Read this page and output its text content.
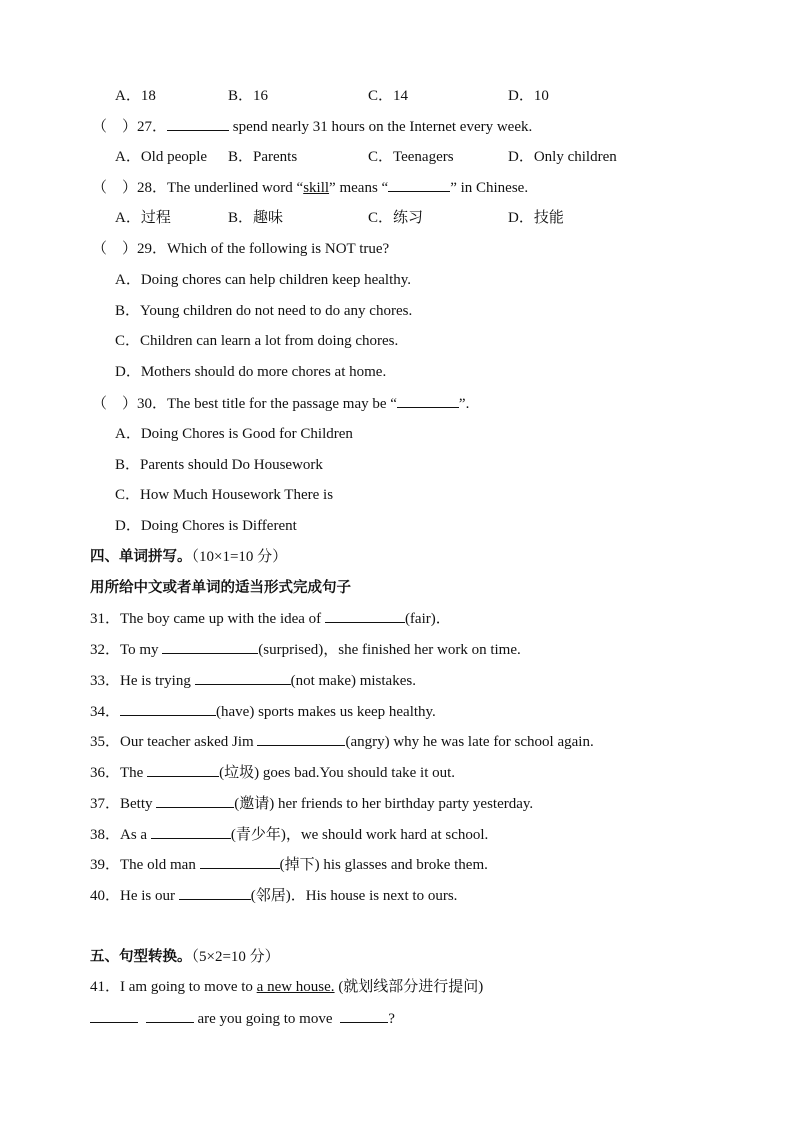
A．18	B．16	C．14	D．10
（　）27．	spend nearly 31 hours on the Internet every week.
A．Old people B．Parents	C．Teenagers	D．Only children
（　）28．The underlined word “skill” means “	” in Chinese.
A．过程	B．趣味	C．练习	D．技能
（　）29．Which of the following is NOT true?
A．Doing chores can help children keep healthy.
B．Young children do not need to do any chores.
C．Children can learn a lot from doing chores.
D．Mothers should do more chores at home.
（　）30．The best title for the passage may be “	”.
A．Doing Chores is Good for Children
B．Parents should Do Housework
C．How Much Housework There is
D．Doing Chores is Different
四、单词拼写。（10×1=10 分）
用所给中文或者单词的适当形式完成句子
31．The boy came up with the idea of	(fair)．
32．To my	(surprised)，she finished her work on time.
33．He is trying	(not make) mistakes.
34．	(have) sports makes us keep healthy.
35．Our teacher asked Jim	(angry) why he was late for school again.
36．The	(垃圾) goes bad.You should take it out.
37．Betty	(邀请) her friends to her birthday party yesterday.
38．As a	(青少年)，we should work hard at school.
39．The old man	(掉下) his glasses and broke them.
40．He is our	(邻居)．His house is next to ours.
五、句型转换。（5×2=10 分）
41．I am going to move to a new house. (就划线部分进行提问)
are you going to move	?
